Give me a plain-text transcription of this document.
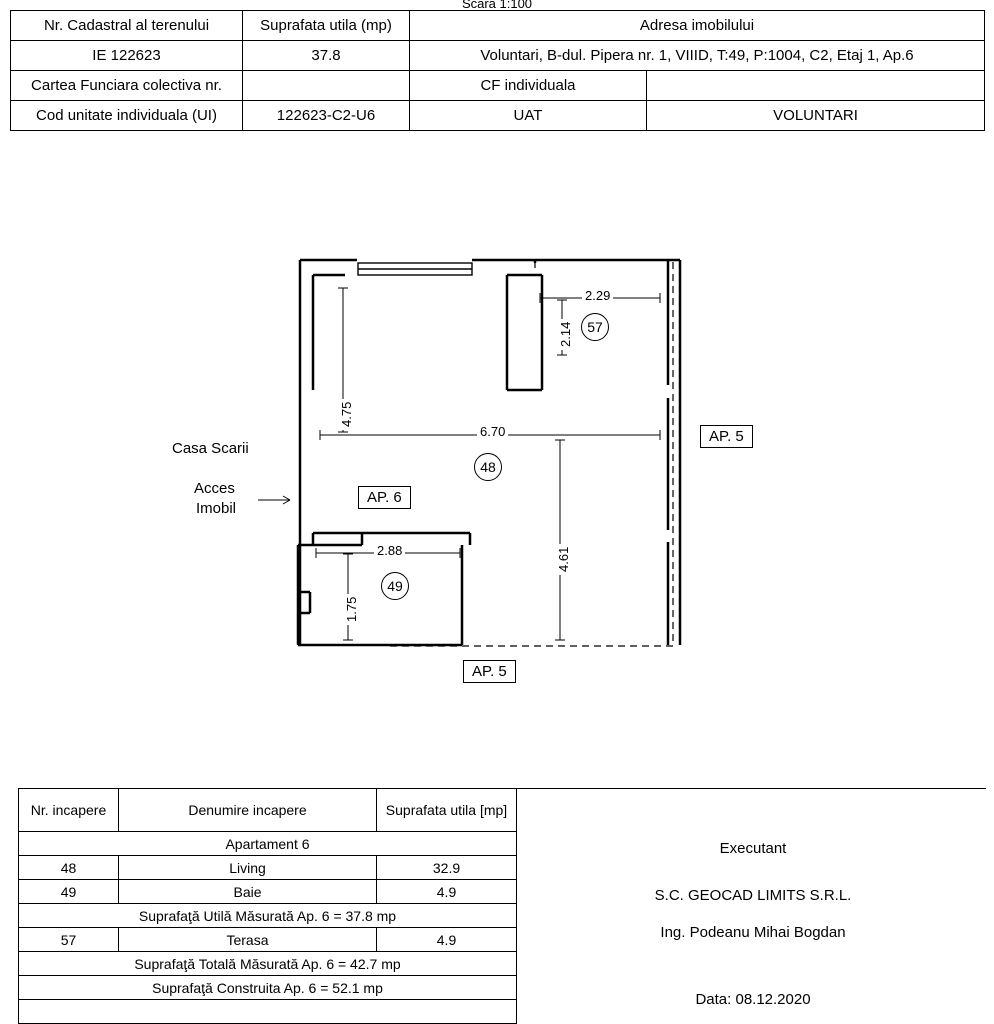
Scara 1:100
Nr. Cadastral al terenului	Suprafata utila (mp)	Adresa imobilului	
IE 122623	37.8	Voluntari, B-dul. Pipera nr. 1, VIIID, T:49, P:1004, C2, Etaj 1, Ap.6	
Cartea Funciara colectiva nr.		CF individuala	
Cod unitate individuala (UI)	122623-C2-U6	UAT	VOLUNTARI
AP. 5
AP. 6
AP. 5
Casa Scarii
Acces
Imobil
2.29
2.14
4.75
6.70
4.61
2.88
1.75
57
48
49
Nr. incapere	Denumire incapere	Suprafata utila [mp]
Apartament 6		
48	Living	32.9
49	Baie	4.9
Suprafaţă Utilă Măsurată Ap. 6 = 37.8 mp		
57	Terasa	4.9
Suprafaţă Totală Măsurată Ap. 6 = 42.7 mp		
Suprafaţă Construita Ap. 6 = 52.1 mp		

Executant
S.C. GEOCAD LIMITS S.R.L.
Ing. Podeanu Mihai Bogdan
Data: 08.12.2020
